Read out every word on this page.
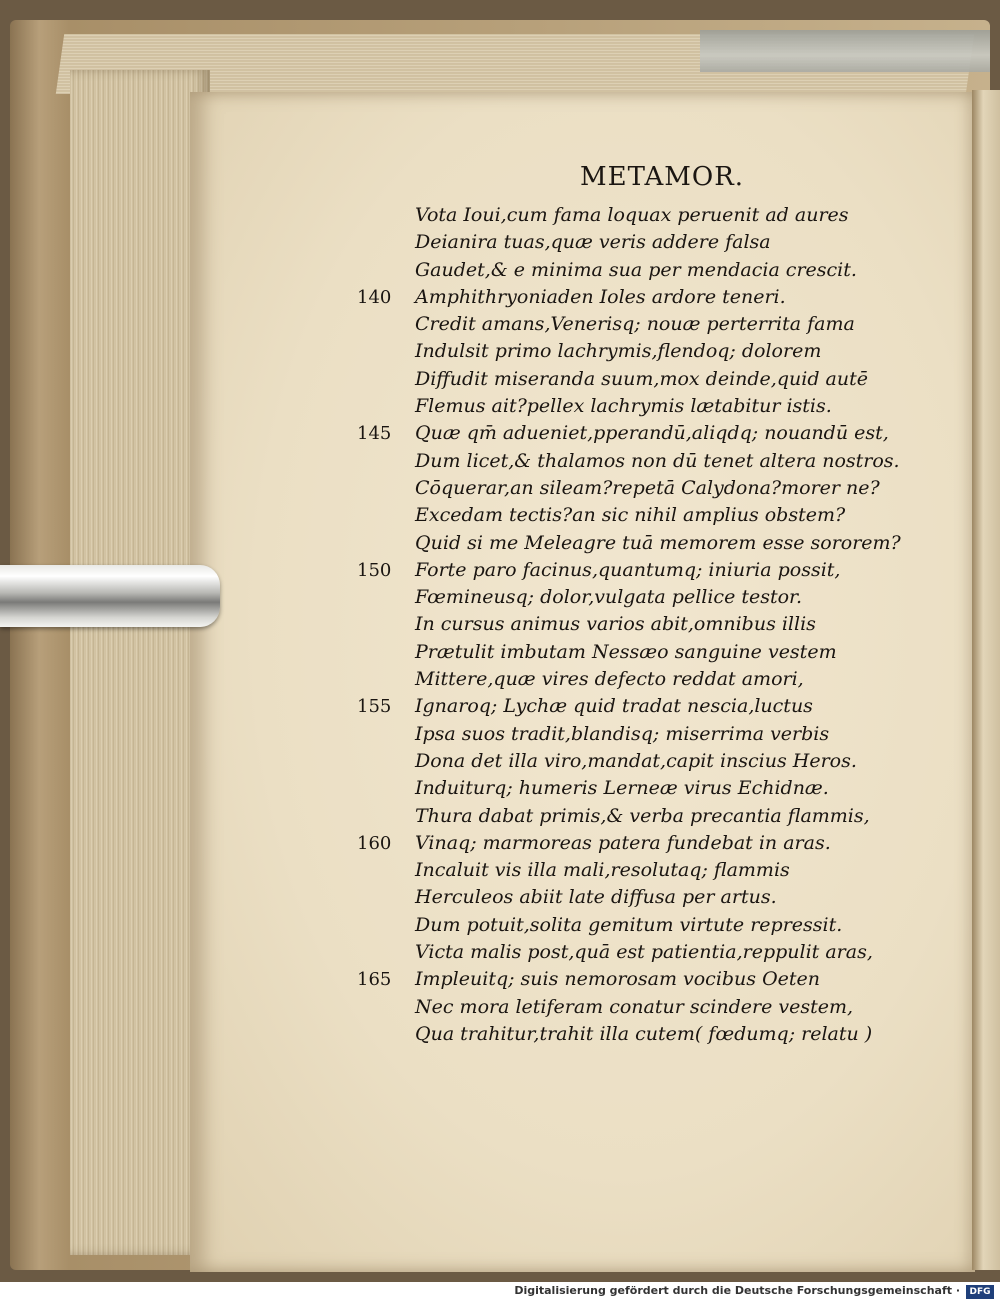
METAMOR.
Vota Ioui,cum fama loquax peruenit ad aures
Deianira tuas,quæ veris addere falsa
Gaudet,& e minima sua per mendacia crescit.
140	Amphithryoniaden Ioles ardore teneri.
Credit amans,Venerisq; nouæ perterrita fama
Indulsit primo lachrymis,flendoq; dolorem
Diffudit miseranda suum,mox deinde,quid autē
Flemus ait?pellex lachrymis lætabitur istis.
145	Quæ qm̄ adueniet,pperandū,aliqdq; nouandū est,
Dum licet,& thalamos non dū tenet altera nostros.
Cōquerar,an sileam?repetā Calydona?morer ne?
Excedam tectis?an sic nihil amplius obstem?
Quid si me Meleagre tuā memorem esse sororem?
150	Forte paro facinus,quantumq; iniuria possit,
Fœmineusq; dolor,vulgata pellice testor.
In cursus animus varios abit,omnibus illis
Prætulit imbutam Nessæo sanguine vestem
Mittere,quæ vires defecto reddat amori,
155	Ignaroq; Lychæ quid tradat nescia,luctus
Ipsa suos tradit,blandisq; miserrima verbis
Dona det illa viro,mandat,capit inscius Heros.
Induiturq; humeris Lerneæ virus Echidnæ.
Thura dabat primis,& verba precantia flammis,
160	Vinaq; marmoreas patera fundebat in aras.
Incaluit vis illa mali,resolutaq; flammis
Herculeos abiit late diffusa per artus.
Dum potuit,solita gemitum virtute repressit.
Victa malis post,quā est patientia,reppulit aras,
165	Impleuitq; suis nemorosam vocibus Oeten
Nec mora letiferam conatur scindere vestem,
Qua trahitur,trahit illa cutem( fœdumq; relatu )
Digitalisierung gefördert durch die Deutsche Forschungsgemeinschaft ·	DFG
